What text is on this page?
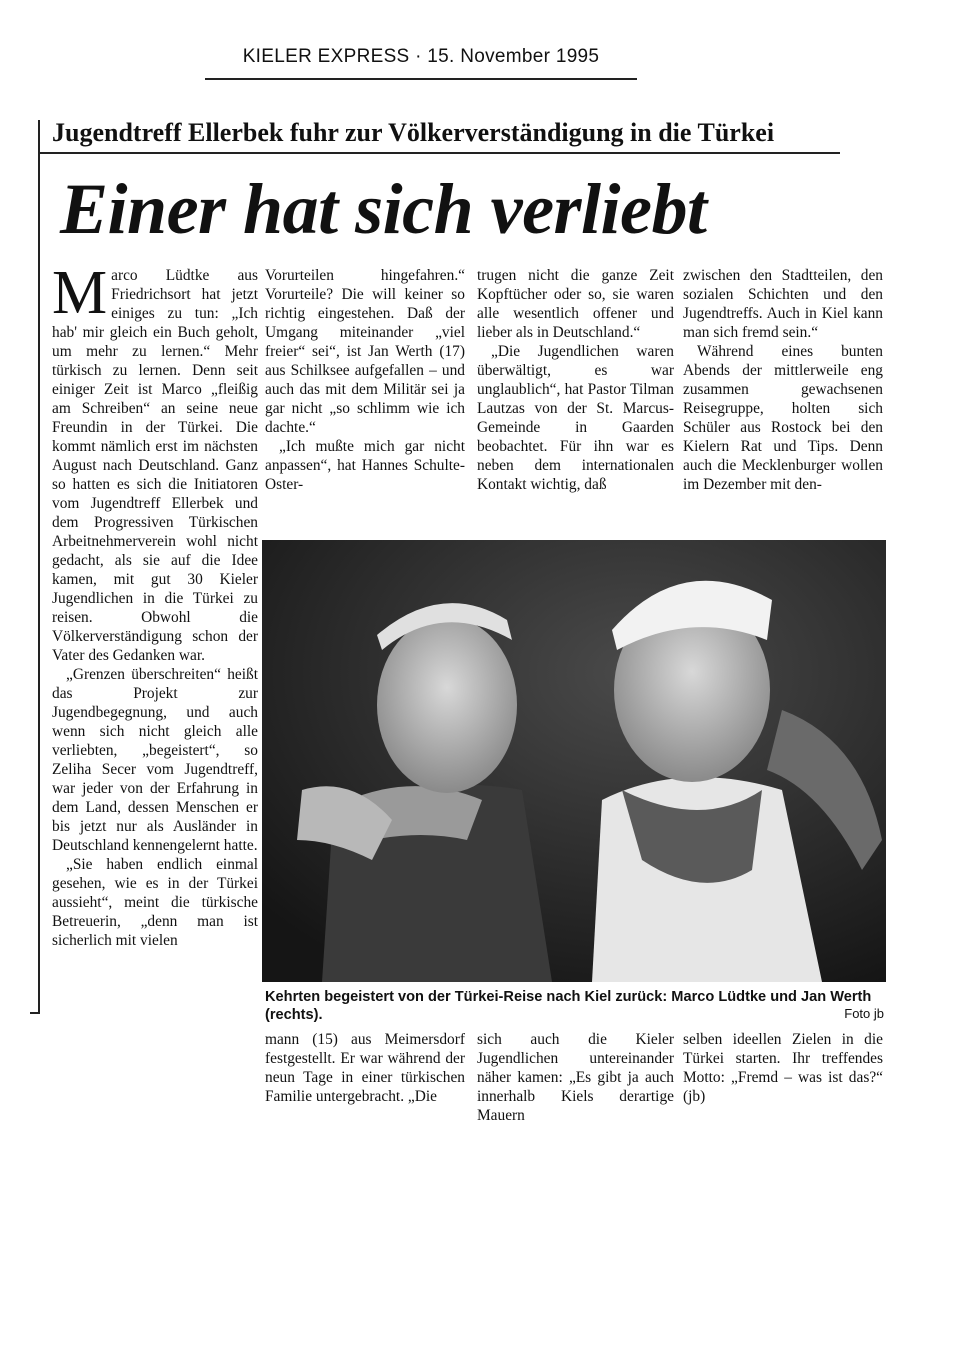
KIELER EXPRESS · 15. November 1995
Jugendtreff Ellerbek fuhr zur Völkerverständigung in die Türkei
Einer hat sich verliebt

Marco Lüdtke aus Friedrichsort hat jetzt einiges zu tun: „Ich hab' mir gleich ein Buch geholt, um mehr zu lernen.“ Mehr türkisch zu lernen. Denn seit einiger Zeit ist Marco „fleißig am Schreiben“ an seine neue Freundin in der Türkei. Die kommt nämlich erst im nächsten August nach Deutschland. Ganz so hatten es sich die Initiatoren vom Jugendtreff Ellerbek und dem Progressiven Türkischen Arbeitnehmerverein wohl nicht gedacht, als sie auf die Idee kamen, mit gut 30 Kieler Jugendlichen in die Türkei zu reisen. Obwohl die Völkerverständigung schon der Vater des Gedanken war.

„Grenzen überschreiten“ heißt das Projekt zur Jugendbegegnung, und auch wenn sich nicht gleich alle verliebten, „begeistert“, so Zeliha Secer vom Jugendtreff, war jeder von der Erfahrung in dem Land, dessen Menschen er bis jetzt nur als Ausländer in Deutschland kennengelernt hatte.

„Sie haben endlich einmal gesehen, wie es in der Türkei aussieht“, meint die türkische Betreuerin, „denn man ist sicherlich mit vielen

Vorurteilen hingefahren.“ Vorurteile? Die will keiner so richtig eingestehen. Daß der Umgang miteinander „viel freier“ sei“, ist Jan Werth (17) aus Schilksee aufgefallen – und auch das mit dem Militär sei ja gar nicht „so schlimm wie ich dachte.“

„Ich mußte mich gar nicht anpassen“, hat Hannes Schulte- Oster-

trugen nicht die ganze Zeit Kopftücher oder so, sie waren alle wesentlich offener und lieber als in Deutschland.“

„Die Jugendlichen waren überwältigt, es war unglaublich“, hat Pastor Tilman Lautzas von der St. Marcus-Gemeinde in Gaarden beobachtet. Für ihn war es neben dem internationalen Kontakt wichtig, daß

zwischen den Stadtteilen, den sozialen Schichten und den Jugendtreffs. Auch in Kiel kann man sich fremd sein.“

Während eines bunten Abends der mittlerweile eng zusammen gewachsenen Reisegruppe, holten sich Schüler aus Rostock bei den Kielern Rat und Tips. Denn auch die Mecklenburger wollen im Dezember mit den-

Kehrten begeistert von der Türkei-Reise nach Kiel zurück: Marco Lüdtke und Jan Werth (rechts).	Foto jb

mann (15) aus Meimersdorf festgestellt. Er war während der neun Tage in einer türkischen Familie untergebracht. „Die

sich auch die Kieler Jugendlichen untereinander näher kamen: „Es gibt ja auch innerhalb Kiels derartige Mauern

selben ideellen Zielen in die Türkei starten. Ihr treffendes Motto: „Fremd – was ist das?“ (jb)
